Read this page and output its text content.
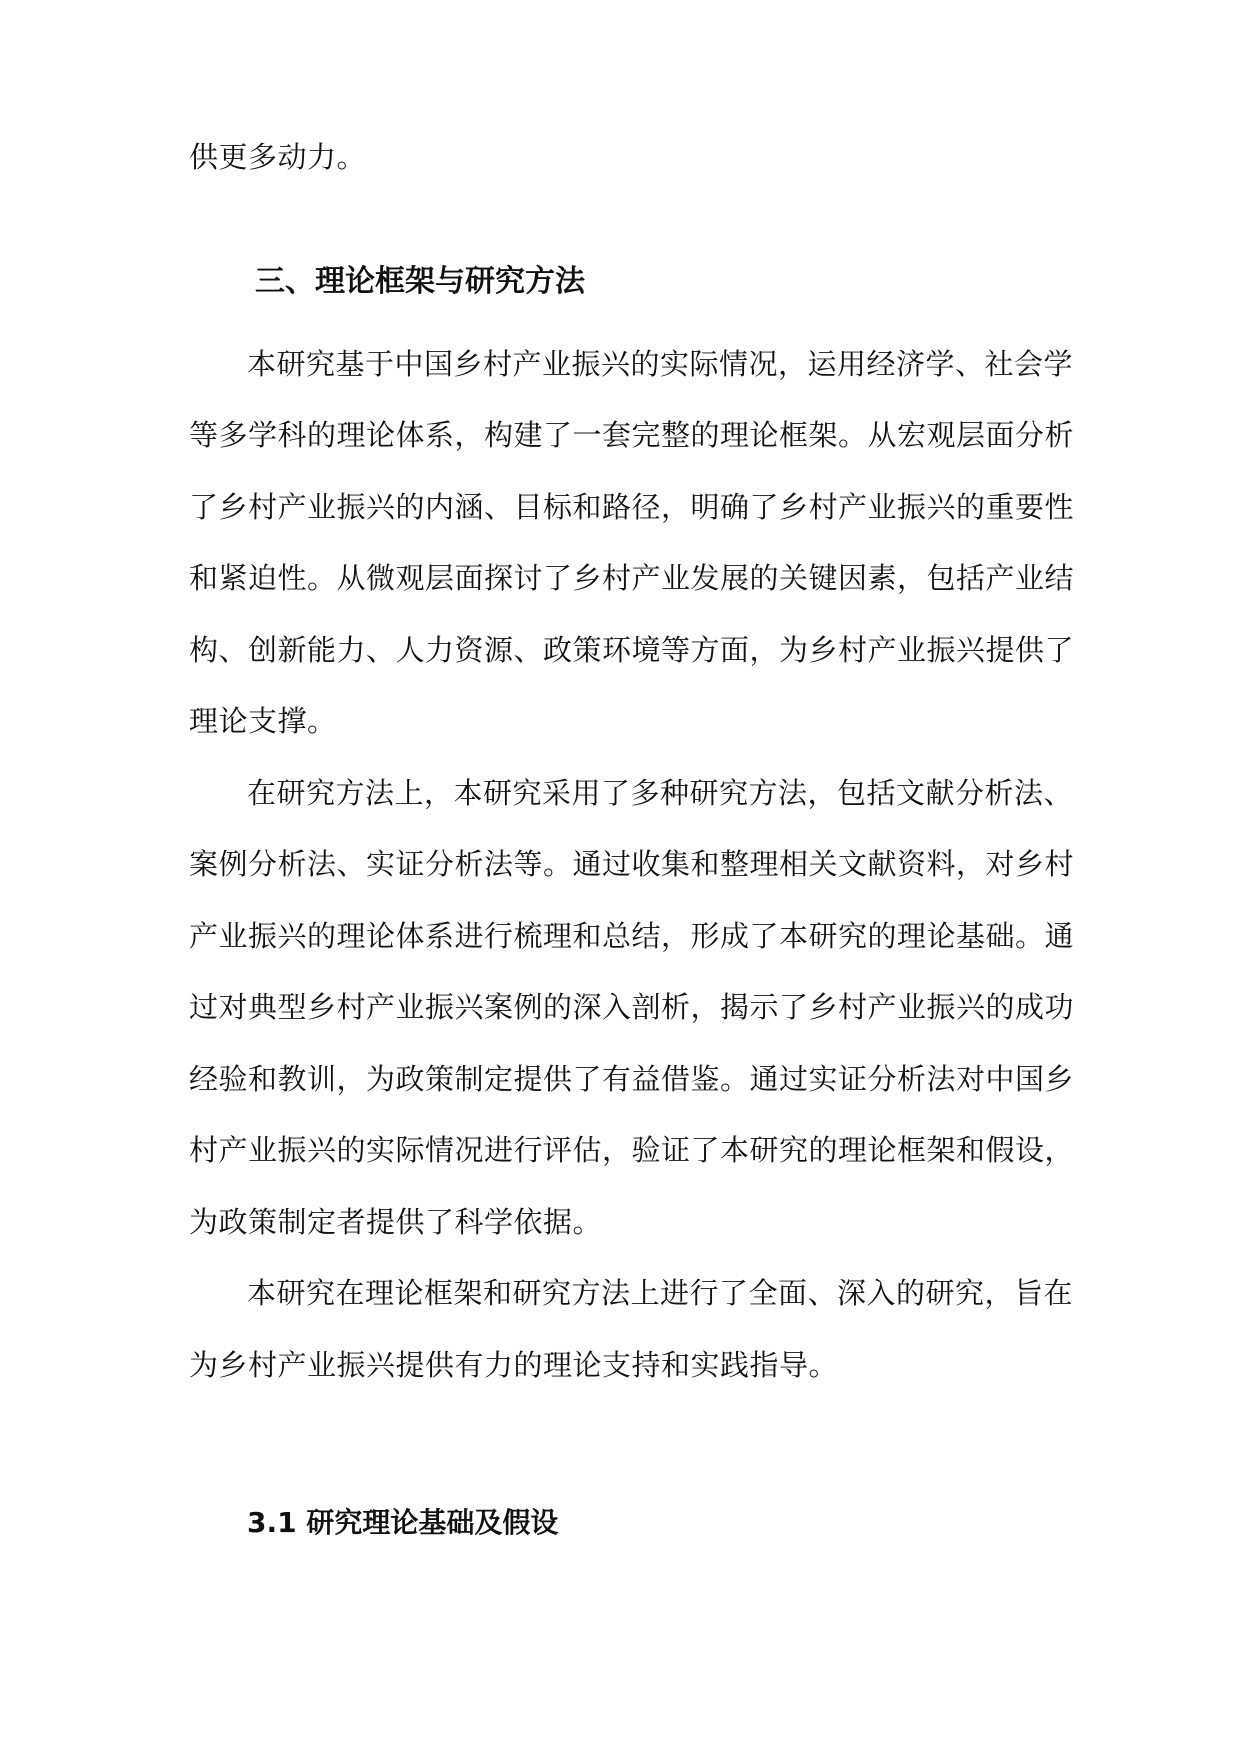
供更多动力。
三、理论框架与研究方法
本研究基于中国乡村产业振兴的实际情况，运用经济学、社会学
等多学科的理论体系，构建了一套完整的理论框架。从宏观层面分析
了乡村产业振兴的内涵、目标和路径，明确了乡村产业振兴的重要性
和紧迫性。从微观层面探讨了乡村产业发展的关键因素，包括产业结
构、创新能力、人力资源、政策环境等方面，为乡村产业振兴提供了
理论支撑。
在研究方法上，本研究采用了多种研究方法，包括文献分析法、
案例分析法、实证分析法等。通过收集和整理相关文献资料，对乡村
产业振兴的理论体系进行梳理和总结，形成了本研究的理论基础。通
过对典型乡村产业振兴案例的深入剖析，揭示了乡村产业振兴的成功
经验和教训，为政策制定提供了有益借鉴。通过实证分析法对中国乡
村产业振兴的实际情况进行评估，验证了本研究的理论框架和假设，
为政策制定者提供了科学依据。
本研究在理论框架和研究方法上进行了全面、深入的研究，旨在
为乡村产业振兴提供有力的理论支持和实践指导。
3.1 研究理论基础及假设
